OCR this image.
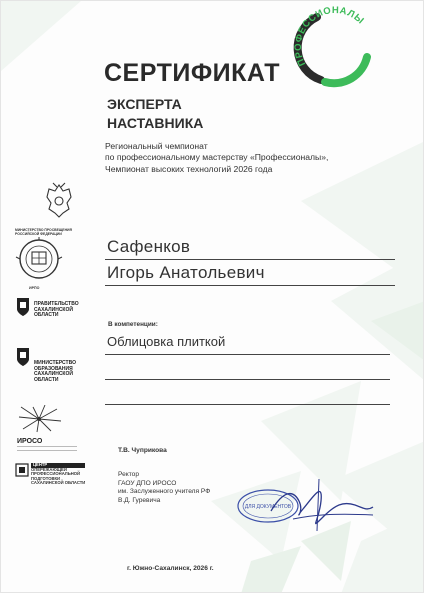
ПРОФЕССИОНАЛЫ
СЕРТИФИКАТ
ЭКСПЕРТА
НАСТАВНИКА
Региональный чемпионат
по профессиональному мастерству «Профессионалы»,
Чемпионат высоких технологий 2026 года
Сафенков
Игорь Анатольевич
В компетенции:
Облицовка плиткой
Т.В. Чуприкова
Ректор
ГАОУ ДПО ИРОСО
им. Заслуженного учителя РФ
В.Д. Гуревича
ДЛЯ ДОКУМЕНТОВ
г. Южно-Сахалинск, 2026 г.
МИНИСТЕРСТВО ПРОСВЕЩЕНИЯ РОССИЙСКОЙ ФЕДЕРАЦИИ
ИРПО
ПРАВИТЕЛЬСТВО
САХАЛИНСКОЙ
ОБЛАСТИ
МИНИСТЕРСТВО
ОБРАЗОВАНИЯ
САХАЛИНСКОЙ
ОБЛАСТИ
ИРОСО
ЦЕНТР
ОПЕРЕЖАЮЩЕЙ
ПРОФЕССИОНАЛЬНОЙ
ПОДГОТОВКИ
САХАЛИНСКОЙ ОБЛАСТИ
